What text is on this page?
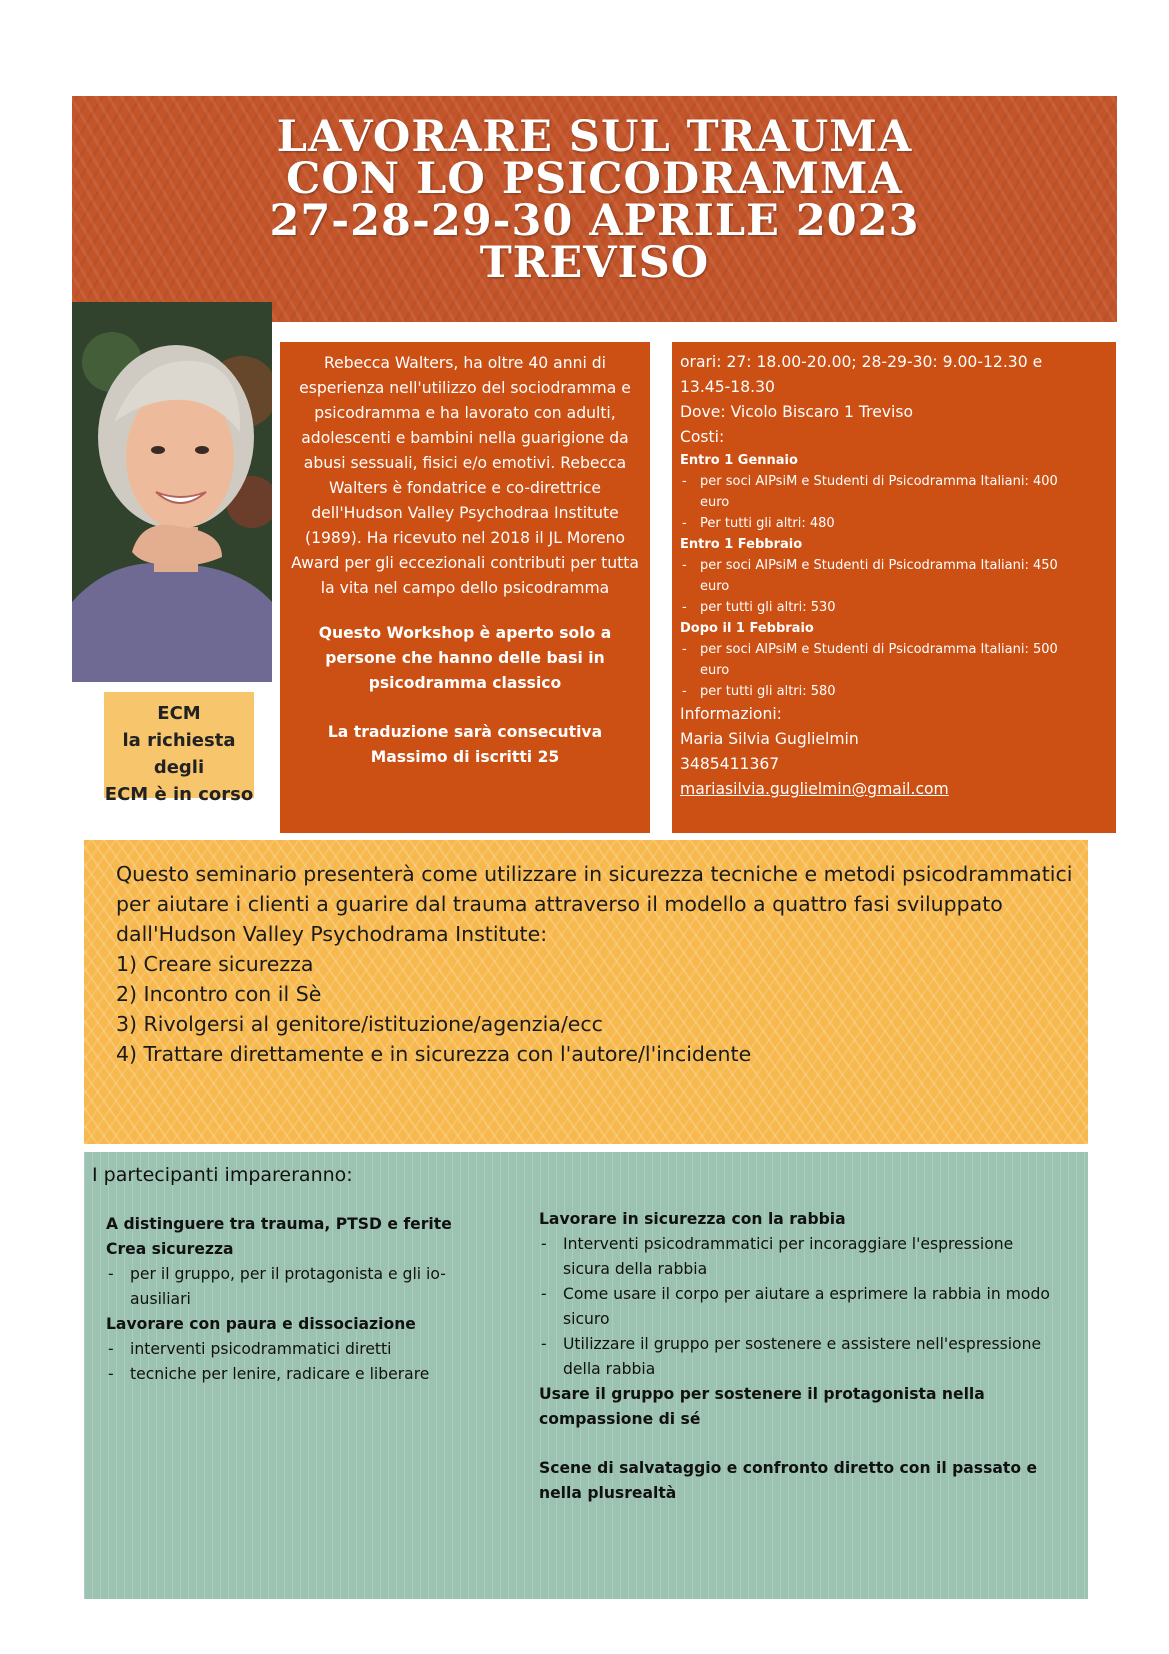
LAVORARE SUL TRAUMA
CON LO PSICODRAMMA
27-28-29-30 APRILE 2023
TREVISO
ECM
la richiesta degli
ECM è in corso
Rebecca Walters, ha oltre 40 anni di esperienza nell'utilizzo del sociodramma e psicodramma e ha lavorato con adulti, adolescenti e bambini nella guarigione da abusi sessuali, fisici e/o emotivi. Rebecca Walters è fondatrice e co-direttrice dell'Hudson Valley Psychodraa Institute (1989). Ha ricevuto nel 2018 il JL Moreno Award per gli eccezionali contributi per tutta la vita nel campo dello psicodramma
Questo Workshop è aperto solo a persone che hanno delle basi in psicodramma classico
La traduzione sarà consecutiva
Massimo di iscritti 25
orari: 27: 18.00-20.00; 28-29-30: 9.00-12.30 e
13.45-18.30
Dove: Vicolo Biscaro 1 Treviso
Costi:
Entro 1 Gennaio
- per soci AIPsiM e Studenti di Psicodramma Italiani: 400
euro
- Per tutti gli altri: 480
Entro 1 Febbraio
- per soci AIPsiM e Studenti di Psicodramma Italiani: 450
euro
- per tutti gli altri: 530
Dopo il 1 Febbraio
- per soci AIPsiM e Studenti di Psicodramma Italiani: 500
euro
- per tutti gli altri: 580
Informazioni:
Maria Silvia Guglielmin
3485411367
mariasilvia.guglielmin@gmail.com
Questo seminario presenterà come utilizzare in sicurezza tecniche e metodi psicodrammatici per aiutare i clienti a guarire dal trauma attraverso il modello a quattro fasi sviluppato dall'Hudson Valley Psychodrama Institute:
1) Creare sicurezza
2) Incontro con il Sè
3) Rivolgersi al genitore/istituzione/agenzia/ecc
4) Trattare direttamente e in sicurezza con l'autore/l'incidente
I partecipanti impareranno:
A distinguere tra trauma, PTSD e ferite
Crea sicurezza
- per il gruppo, per il protagonista e gli io-ausiliari
Lavorare con paura e dissociazione
- interventi psicodrammatici diretti
- tecniche per lenire, radicare e liberare
Lavorare in sicurezza con la rabbia
- Interventi psicodrammatici per incoraggiare l'espressione sicura della rabbia
- Come usare il corpo per aiutare a esprimere la rabbia in modo sicuro
- Utilizzare il gruppo per sostenere e assistere nell'espressione della rabbia
Usare il gruppo per sostenere il protagonista nella compassione di sé
Scene di salvataggio e confronto diretto con il passato e nella plusrealtà
